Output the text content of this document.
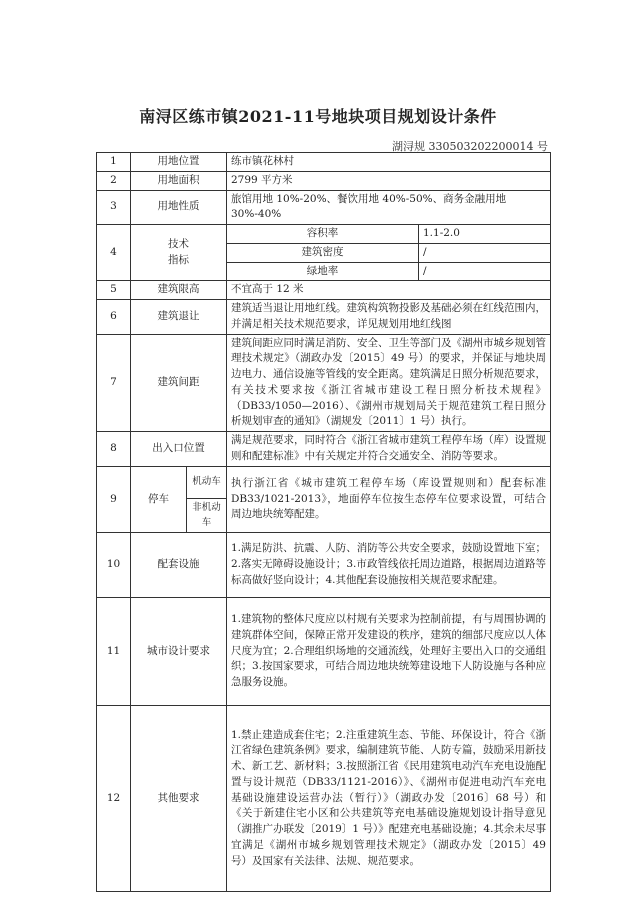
南浔区练市镇2021-11号地块项目规划设计条件
湖浔规 330503202200014 号
1	用地位置		练市镇花林村	
2	用地面积		2799 平方米	
3	用地性质		旅馆用地 10%-20%、餐饮用地 40%-50%、商务金融用地 30%-40%	
4	技术
指标		容积率	1.1-2.0
			建筑密度	/
			绿地率	/
5	建筑限高		不宜高于 12 米	
6	建筑退让		建筑适当退让用地红线。建筑构筑物投影及基础必须在红线范围内，并满足相关技术规范要求，详见规划用地红线图	
7	建筑间距		建筑间距应同时满足消防、安全、卫生等部门及《湖州市城乡规划管理技术规定》（湖政办发〔2015〕49 号）的要求，并保证与地块周边电力、通信设施等管线的安全距离。建筑满足日照分析规范要求，有关技术要求按《浙江省城市建设工程日照分析技术规程》（DB33/1050—2016）、《湖州市规划局关于规范建筑工程日照分析规划审查的通知》（湖规发〔2011〕1 号）执行。	
8	出入口位置		满足规范要求，同时符合《浙江省城市建筑工程停车场（库）设置规则和配建标准》中有关规定并符合交通安全、消防等要求。	
9	停车	机动车	执行浙江省《城市建筑工程停车场（库设置规则和）配套标准 DB33/1021-2013》，地面停车位按生态停车位要求设置，可结合周边地块统筹配建。	
		非机动车		
10	配套设施		1.满足防洪、抗震、人防、消防等公共安全要求，鼓励设置地下室；2.落实无障碍设施设计；3.市政管线依托周边道路，根据周边道路等标高做好竖向设计；4.其他配套设施按相关规范要求配建。	
11	城市设计要求		1.建筑物的整体尺度应以村规有关要求为控制前提，有与周围协调的建筑群体空间，保障正常开发建设的秩序，建筑的细部尺度应以人体尺度为宜；2.合理组织场地的交通流线，处理好主要出入口的交通组织；3.按国家要求，可结合周边地块统筹建设地下人防设施与各种应急服务设施。	
12	其他要求		1.禁止建造成套住宅；2.注重建筑生态、节能、环保设计，符合《浙江省绿色建筑条例》要求，编制建筑节能、人防专篇，鼓励采用新技术、新工艺、新材料；3.按照浙江省《民用建筑电动汽车充电设施配置与设计规范（DB33/1121-2016）》、《湖州市促进电动汽车充电基础设施建设运营办法（暂行）》（湖政办发〔2016〕68 号）和《关于新建住宅小区和公共建筑等充电基础设施规划设计指导意见（湖推广办联发〔2019〕1 号）》配建充电基础设施；4.其余未尽事宜满足《湖州市城乡规划管理技术规定》（湖政办发〔2015〕49 号）及国家有关法律、法规、规范要求。	
